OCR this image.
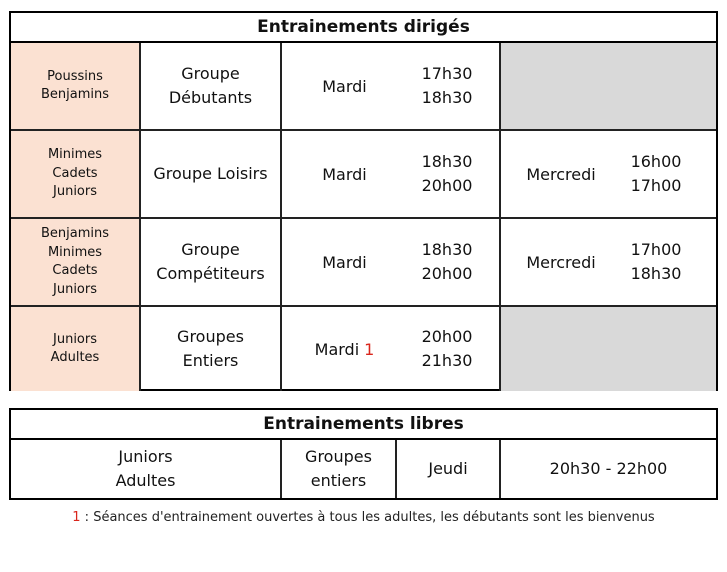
Entrainements dirigés
Poussins
Benjamins
Groupe
Débutants
Mardi
17h30
18h30
Minimes
Cadets
Juniors
Groupe Loisirs	Mardi
18h30
20h00
Mercredi
16h00
17h00
Benjamins
Minimes
Cadets
Juniors
Groupe
Compétiteurs
Mardi
18h30
20h00
Mercredi
17h00
18h30
Juniors
Adultes
Groupes
Entiers
Mardi 1
20h00
21h30
Entrainements libres
Juniors
Adultes
Groupes
entiers
Jeudi	20h30 - 22h00
1 : Séances d'entrainement ouvertes à tous les adultes, les débutants sont les bienvenus
